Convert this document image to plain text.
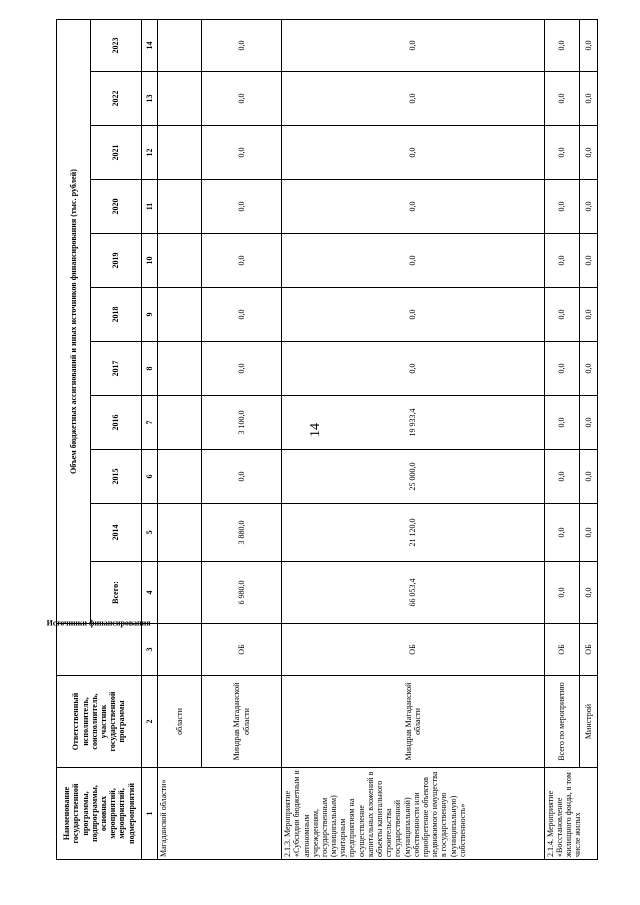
14
Наименование государственной программы, подпрограммы, основных мероприятий, мероприятий, подмероприятий	Ответственный исполнитель, соисполнитель, участник государственной программы	Источники финансирования	Объем бюджетных ассигнований и иных источников финансирования (тыс. рублей)										
			Всего:	2014	2015	2016	2017	2018	2019	2020	2021	2022	2023
1	2	3	4	5	6	7	8	9	10	11	12	13	14
Магаданской области»	области												
	Миндрав Магаданской области	ОБ	6 980,0	3 880,0	0,0	3 100,0	0,0	0,0	0,0	0,0	0,0	0,0	0,0
2.1.3. Мероприятие «Субсидии бюджетным и автономным учреждениям, государственным (муниципальным) унитарным предприятиям на осуществление капитальных вложений в объекты капитального строительства государственной (муниципальной) собственности или приобретение объектов недвижимого имущества в государственную (муниципальную) собственность»	Миндрав Магаданской области	ОБ	66 053,4	21 120,0	25 000,0	19 933,4	0,0	0,0	0,0	0,0	0,0	0,0	0,0
2.1.4. Мероприятие «Восстановление жилищного фонда, в том числе жилых	Всего по мероприятию	ОБ	0,0	0,0	0,0	0,0	0,0	0,0	0,0	0,0	0,0	0,0	0,0
	Минстрой	ОБ	0,0	0,0	0,0	0,0	0,0	0,0	0,0	0,0	0,0	0,0	0,0
